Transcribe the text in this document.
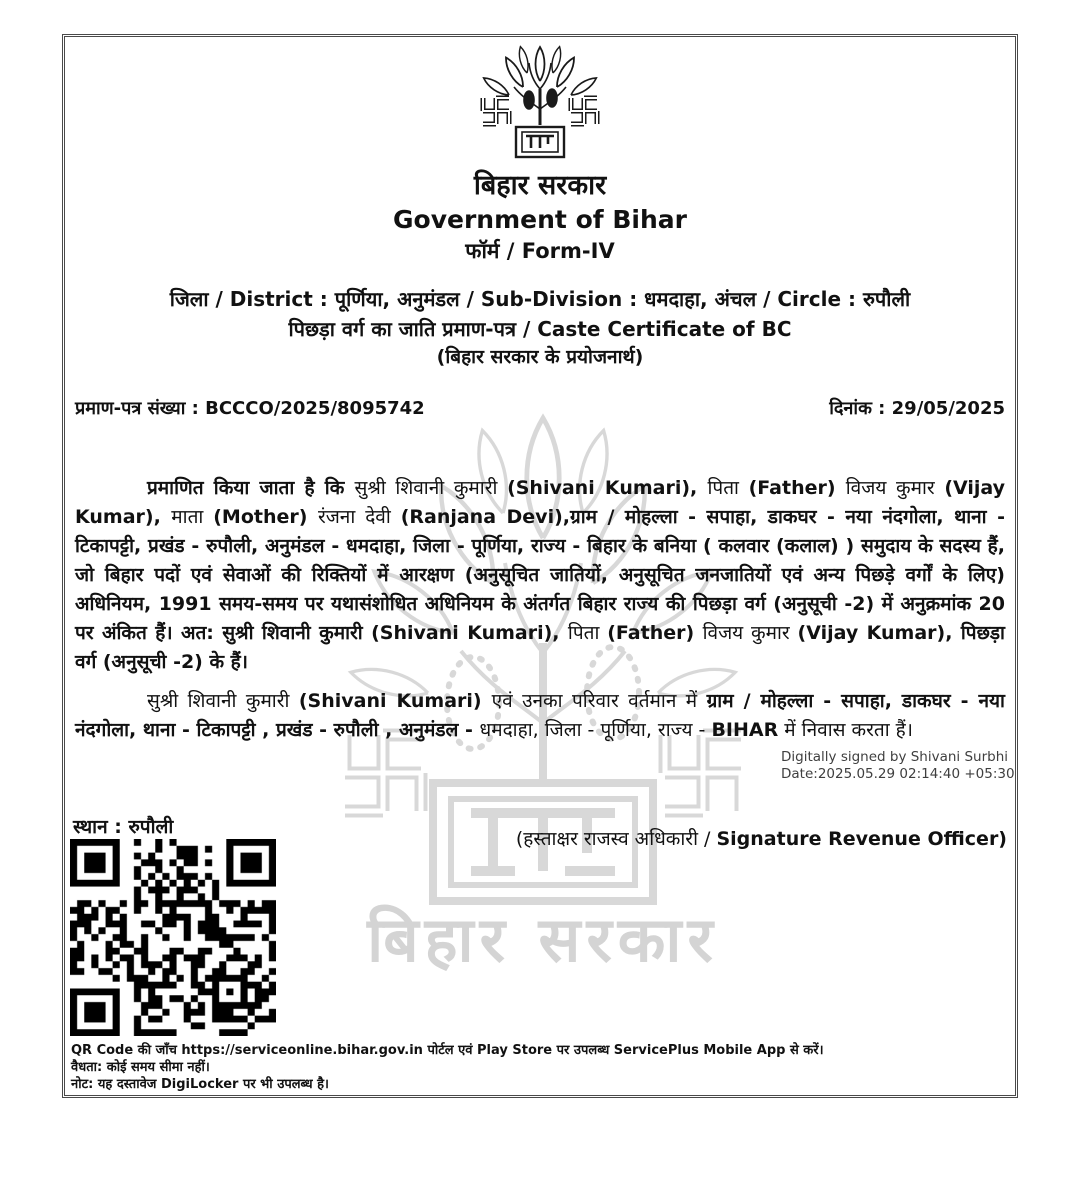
बिहार सरकार
बिहार सरकार
Government of Bihar
फॉर्म / Form-IV
जिला / District : पूर्णिया, अनुमंडल / Sub-Division : धमदाहा, अंचल / Circle : रुपौली
पिछड़ा वर्ग का जाति प्रमाण-पत्र / Caste Certificate of BC
(बिहार सरकार के प्रयोजनार्थ)
प्रमाण-पत्र संख्या : BCCCO/2025/8095742	दिनांक : 29/05/2025

प्रमाणित किया जाता है कि सुश्री शिवानी कुमारी (Shivani Kumari), पिता (Father) विजय कुमार (Vijay Kumar), माता (Mother) रंजना देवी (Ranjana Devi),ग्राम / मोहल्ला - सपाहा, डाकघर - नया नंदगोला, थाना - टिकापट्टी, प्रखंड - रुपौली, अनुमंडल - धमदाहा, जिला - पूर्णिया, राज्य - बिहार के बनिया ( कलवार (कलाल) ) समुदाय के सदस्य हैं, जो बिहार पदों एवं सेवाओं की रिक्तियों में आरक्षण (अनुसूचित जातियों, अनुसूचित जनजातियों एवं अन्य पिछड़े वर्गों के लिए) अधिनियम, 1991 समय-समय पर यथासंशोधित अधिनियम के अंतर्गत बिहार राज्य की पिछड़ा वर्ग (अनुसूची -2) में अनुक्रमांक 20 पर अंकित हैं। अत: सुश्री शिवानी कुमारी (Shivani Kumari), पिता (Father) विजय कुमार (Vijay Kumar), पिछड़ा वर्ग (अनुसूची -2) के हैं।

सुश्री शिवानी कुमारी (Shivani Kumari) एवं उनका परिवार वर्तमान में ग्राम / मोहल्ला - सपाहा, डाकघर - नया नंदगोला, थाना - टिकापट्टी , प्रखंड - रुपौली , अनुमंडल - धमदाहा, जिला - पूर्णिया, राज्य - BIHAR में निवास करता हैं।

Digitally signed by Shivani Surbhi
Date:2025.05.29 02:14:40 +05:30
स्थान : रुपौली
(हस्ताक्षर राजस्व अधिकारी / Signature Revenue Officer)
QR Code की जाँच https://serviceonline.bihar.gov.in पोर्टल एवं Play Store पर उपलब्ध ServicePlus Mobile App से करें।
वैधता: कोई समय सीमा नहीं।
नोट: यह दस्तावेज DigiLocker पर भी उपलब्ध है।
